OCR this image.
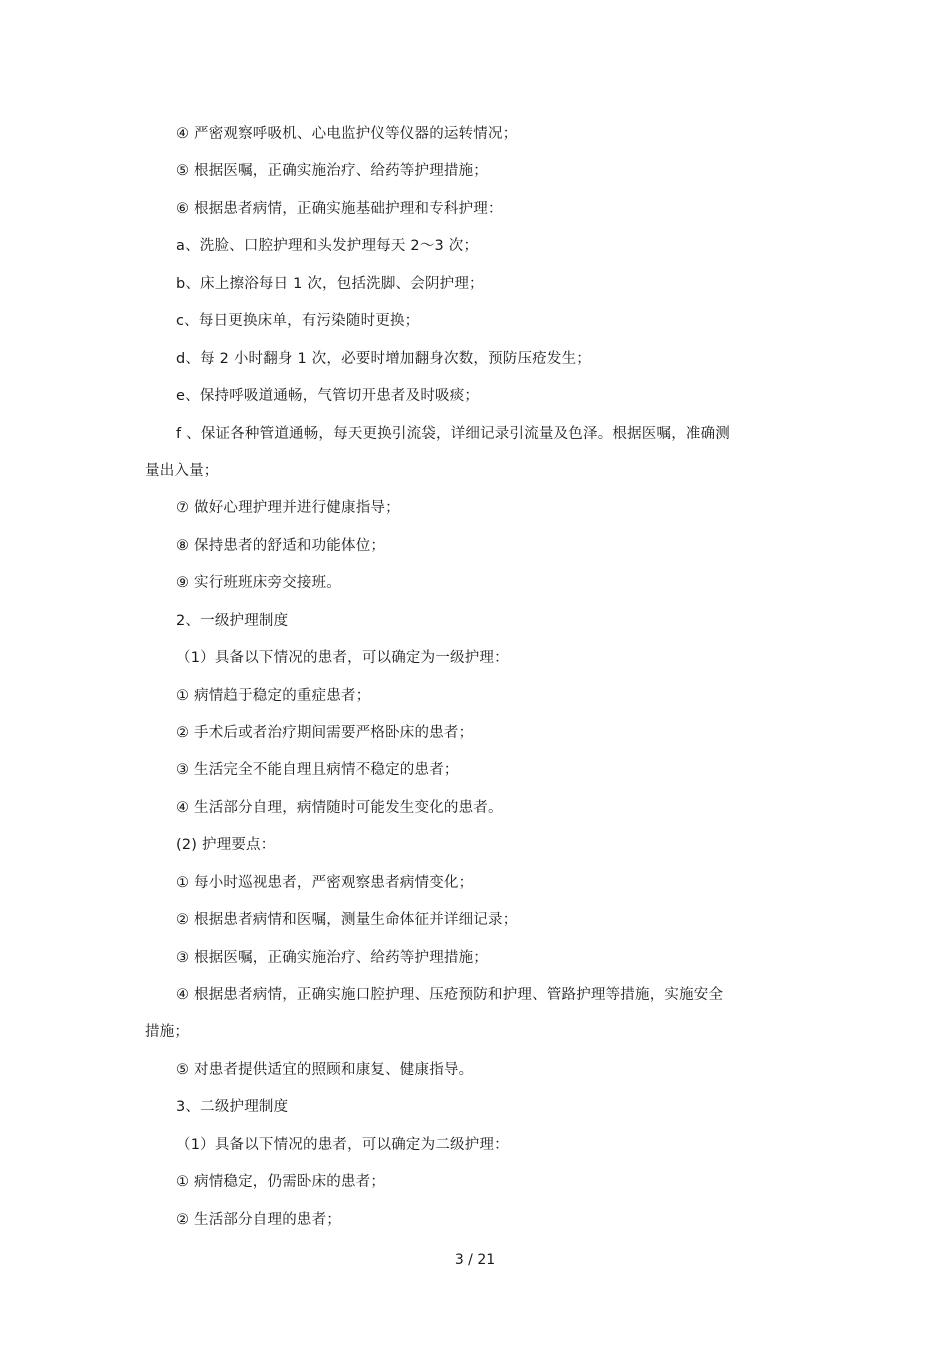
④ 严密观察呼吸机、心电监护仪等仪器的运转情况；
⑤ 根据医嘱，正确实施治疗、给药等护理措施；
⑥ 根据患者病情，正确实施基础护理和专科护理：
a、洗脸、口腔护理和头发护理每天 2～3 次；
b、床上擦浴每日 1 次，包括洗脚、会阴护理；
c、每日更换床单，有污染随时更换；
d、每 2 小时翻身 1 次，必要时增加翻身次数，预防压疮发生；
e、保持呼吸道通畅，气管切开患者及时吸痰；
f 、保证各种管道通畅，每天更换引流袋，详细记录引流量及色泽。根据医嘱，准确测
量出入量；
⑦ 做好心理护理并进行健康指导；
⑧ 保持患者的舒适和功能体位；
⑨ 实行班班床旁交接班。
2、一级护理制度
（1）具备以下情况的患者，可以确定为一级护理：
① 病情趋于稳定的重症患者；
② 手术后或者治疗期间需要严格卧床的患者；
③ 生活完全不能自理且病情不稳定的患者；
④ 生活部分自理，病情随时可能发生变化的患者。
(2) 护理要点：
① 每小时巡视患者，严密观察患者病情变化；
② 根据患者病情和医嘱，测量生命体征并详细记录；
③ 根据医嘱，正确实施治疗、给药等护理措施；
④ 根据患者病情，正确实施口腔护理、压疮预防和护理、管路护理等措施，实施安全
措施；
⑤ 对患者提供适宜的照顾和康复、健康指导。
3、二级护理制度
（1）具备以下情况的患者，可以确定为二级护理：
① 病情稳定，仍需卧床的患者；
② 生活部分自理的患者；
3 / 21
